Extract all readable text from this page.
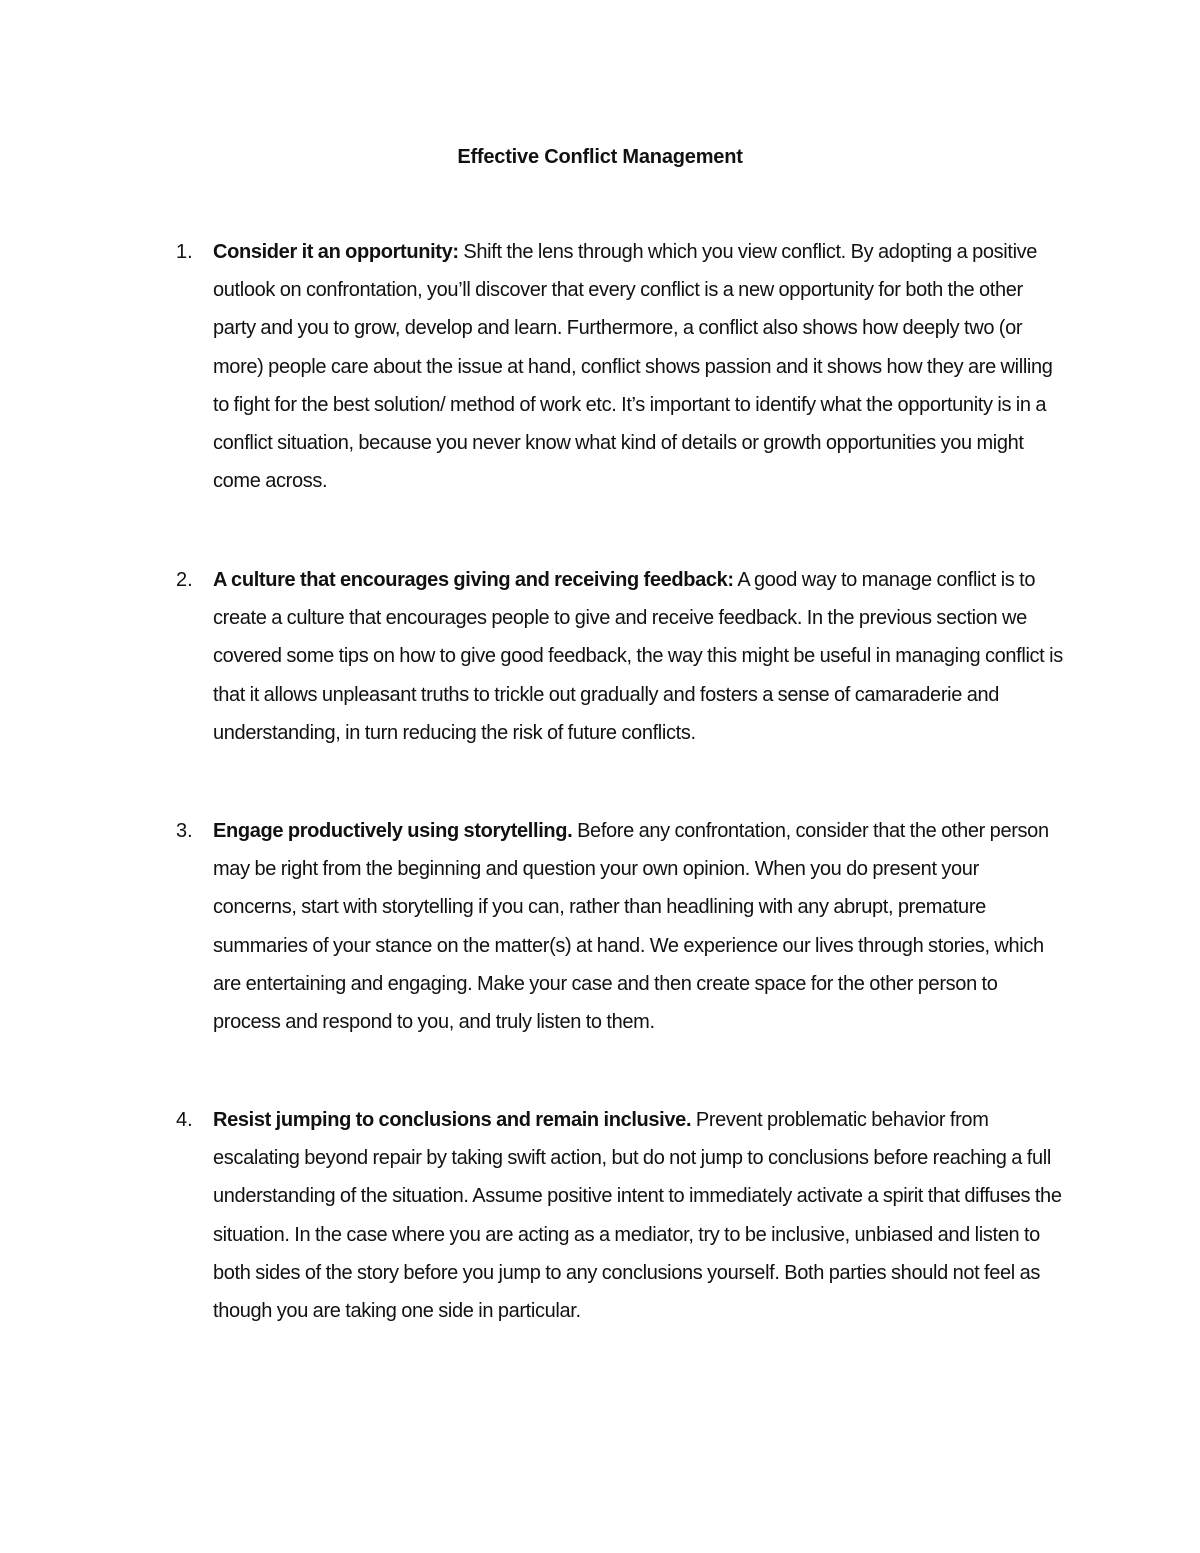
Effective Conflict Management
1.	Consider it an opportunity: Shift the lens through which you view conflict. By adopting a positive outlook on confrontation, you’ll discover that every conflict is a new opportunity for both the other party and you to grow, develop and learn. Furthermore, a conflict also shows how deeply two (or more) people care about the issue at hand, conflict shows passion and it shows how they are willing to fight for the best solution/ method of work etc. It’s important to identify what the opportunity is in a conflict situation, because you never know what kind of details or growth opportunities you might come across.
2.	A culture that encourages giving and receiving feedback: A good way to manage conflict is to create a culture that encourages people to give and receive feedback. In the previous section we covered some tips on how to give good feedback, the way this might be useful in managing conflict is that it allows unpleasant truths to trickle out gradually and fosters a sense of camaraderie and understanding, in turn reducing the risk of future conflicts.
3.	Engage productively using storytelling. Before any confrontation, consider that the other person may be right from the beginning and question your own opinion. When you do present your concerns, start with storytelling if you can, rather than headlining with any abrupt, premature summaries of your stance on the matter(s) at hand. We experience our lives through stories, which are entertaining and engaging. Make your case and then create space for the other person to process and respond to you, and truly listen to them.
4.	Resist jumping to conclusions and remain inclusive. Prevent problematic behavior from escalating beyond repair by taking swift action, but do not jump to conclusions before reaching a full understanding of the situation. Assume positive intent to immediately activate a spirit that diffuses the situation. In the case where you are acting as a mediator, try to be inclusive, unbiased and listen to both sides of the story before you jump to any conclusions yourself. Both parties should not feel as though you are taking one side in particular.
